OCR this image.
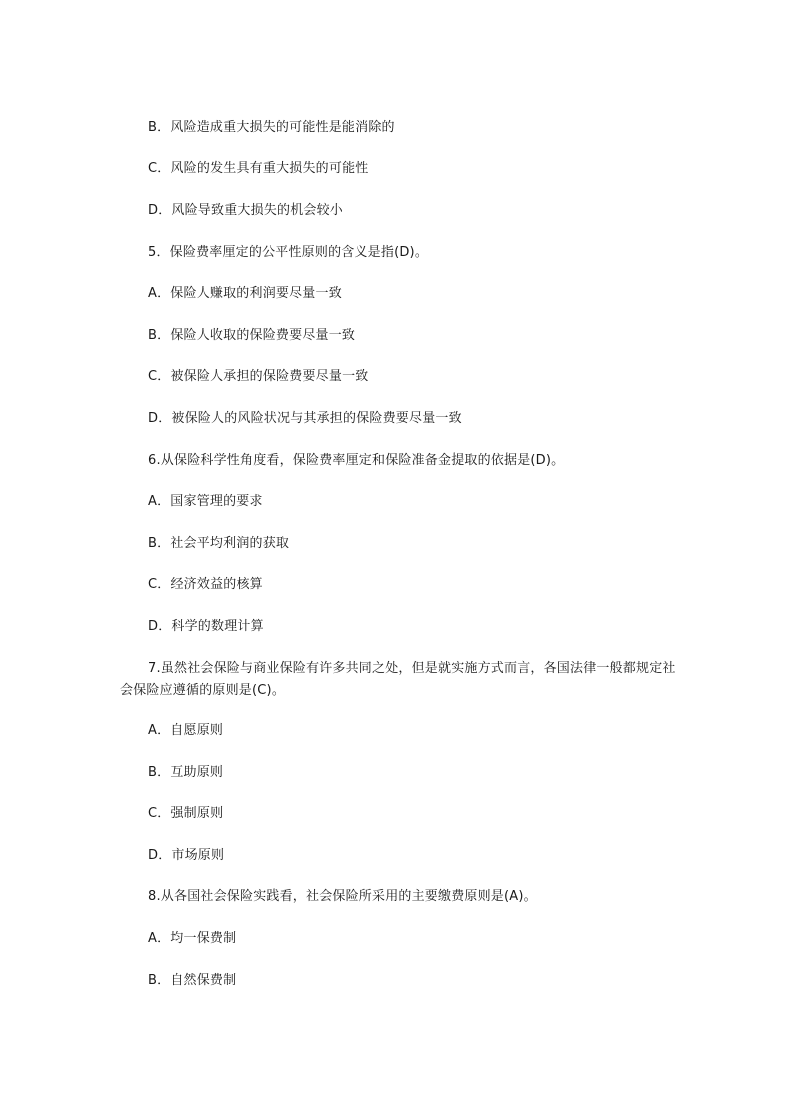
B．风险造成重大损失的可能性是能消除的
C．风险的发生具有重大损失的可能性
D．风险导致重大损失的机会较小
5．保险费率厘定的公平性原则的含义是指(D)。
A．保险人赚取的利润要尽量一致
B．保险人收取的保险费要尽量一致
C．被保险人承担的保险费要尽量一致
D．被保险人的风险状况与其承担的保险费要尽量一致
6.从保险科学性角度看，保险费率厘定和保险准备金提取的依据是(D)。
A．国家管理的要求
B．社会平均利润的获取
C．经济效益的核算
D．科学的数理计算
7.虽然社会保险与商业保险有许多共同之处，但是就实施方式而言，各国法律一般都规定社会保险应遵循的原则是(C)。
A．自愿原则
B．互助原则
C．强制原则
D．市场原则
8.从各国社会保险实践看，社会保险所采用的主要缴费原则是(A)。
A．均一保费制
B．自然保费制
